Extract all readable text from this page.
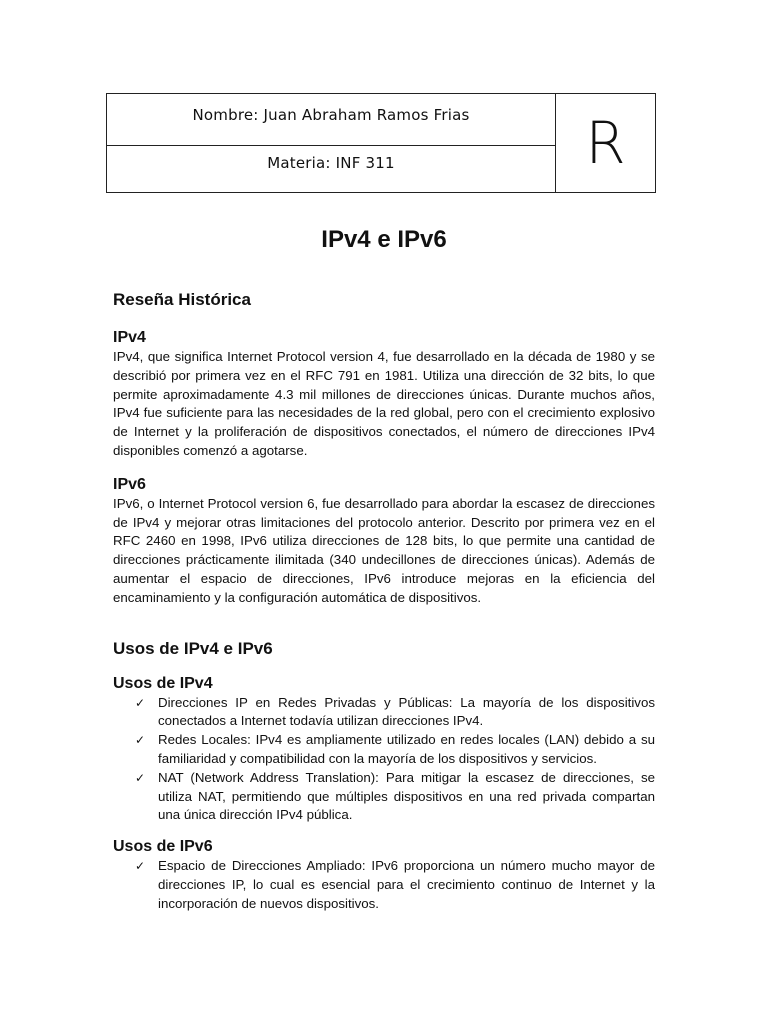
Nombre: Juan Abraham Ramos Frias
Materia: INF 311	R
IPv4 e IPv6
Reseña Histórica
IPv4

IPv4, que significa Internet Protocol version 4, fue desarrollado en la década de 1980 y se describió por primera vez en el RFC 791 en 1981. Utiliza una dirección de 32 bits, lo que permite aproximadamente 4.3 mil millones de direcciones únicas. Durante muchos años, IPv4 fue suficiente para las necesidades de la red global, pero con el crecimiento explosivo de Internet y la proliferación de dispositivos conectados, el número de direcciones IPv4 disponibles comenzó a agotarse.

IPv6

IPv6, o Internet Protocol version 6, fue desarrollado para abordar la escasez de direcciones de IPv4 y mejorar otras limitaciones del protocolo anterior. Descrito por primera vez en el RFC 2460 en 1998, IPv6 utiliza direcciones de 128 bits, lo que permite una cantidad de direcciones prácticamente ilimitada (340 undecillones de direcciones únicas). Además de aumentar el espacio de direcciones, IPv6 introduce mejoras en la eficiencia del encaminamiento y la configuración automática de dispositivos.

Usos de IPv4 e IPv6
Usos de IPv4
✓ Direcciones IP en Redes Privadas y Públicas: La mayoría de los dispositivos conectados a Internet todavía utilizan direcciones IPv4.
✓ Redes Locales: IPv4 es ampliamente utilizado en redes locales (LAN) debido a su familiaridad y compatibilidad con la mayoría de los dispositivos y servicios.
✓ NAT (Network Address Translation): Para mitigar la escasez de direcciones, se utiliza NAT, permitiendo que múltiples dispositivos en una red privada compartan una única dirección IPv4 pública.
Usos de IPv6
✓ Espacio de Direcciones Ampliado: IPv6 proporciona un número mucho mayor de direcciones IP, lo cual es esencial para el crecimiento continuo de Internet y la incorporación de nuevos dispositivos.
